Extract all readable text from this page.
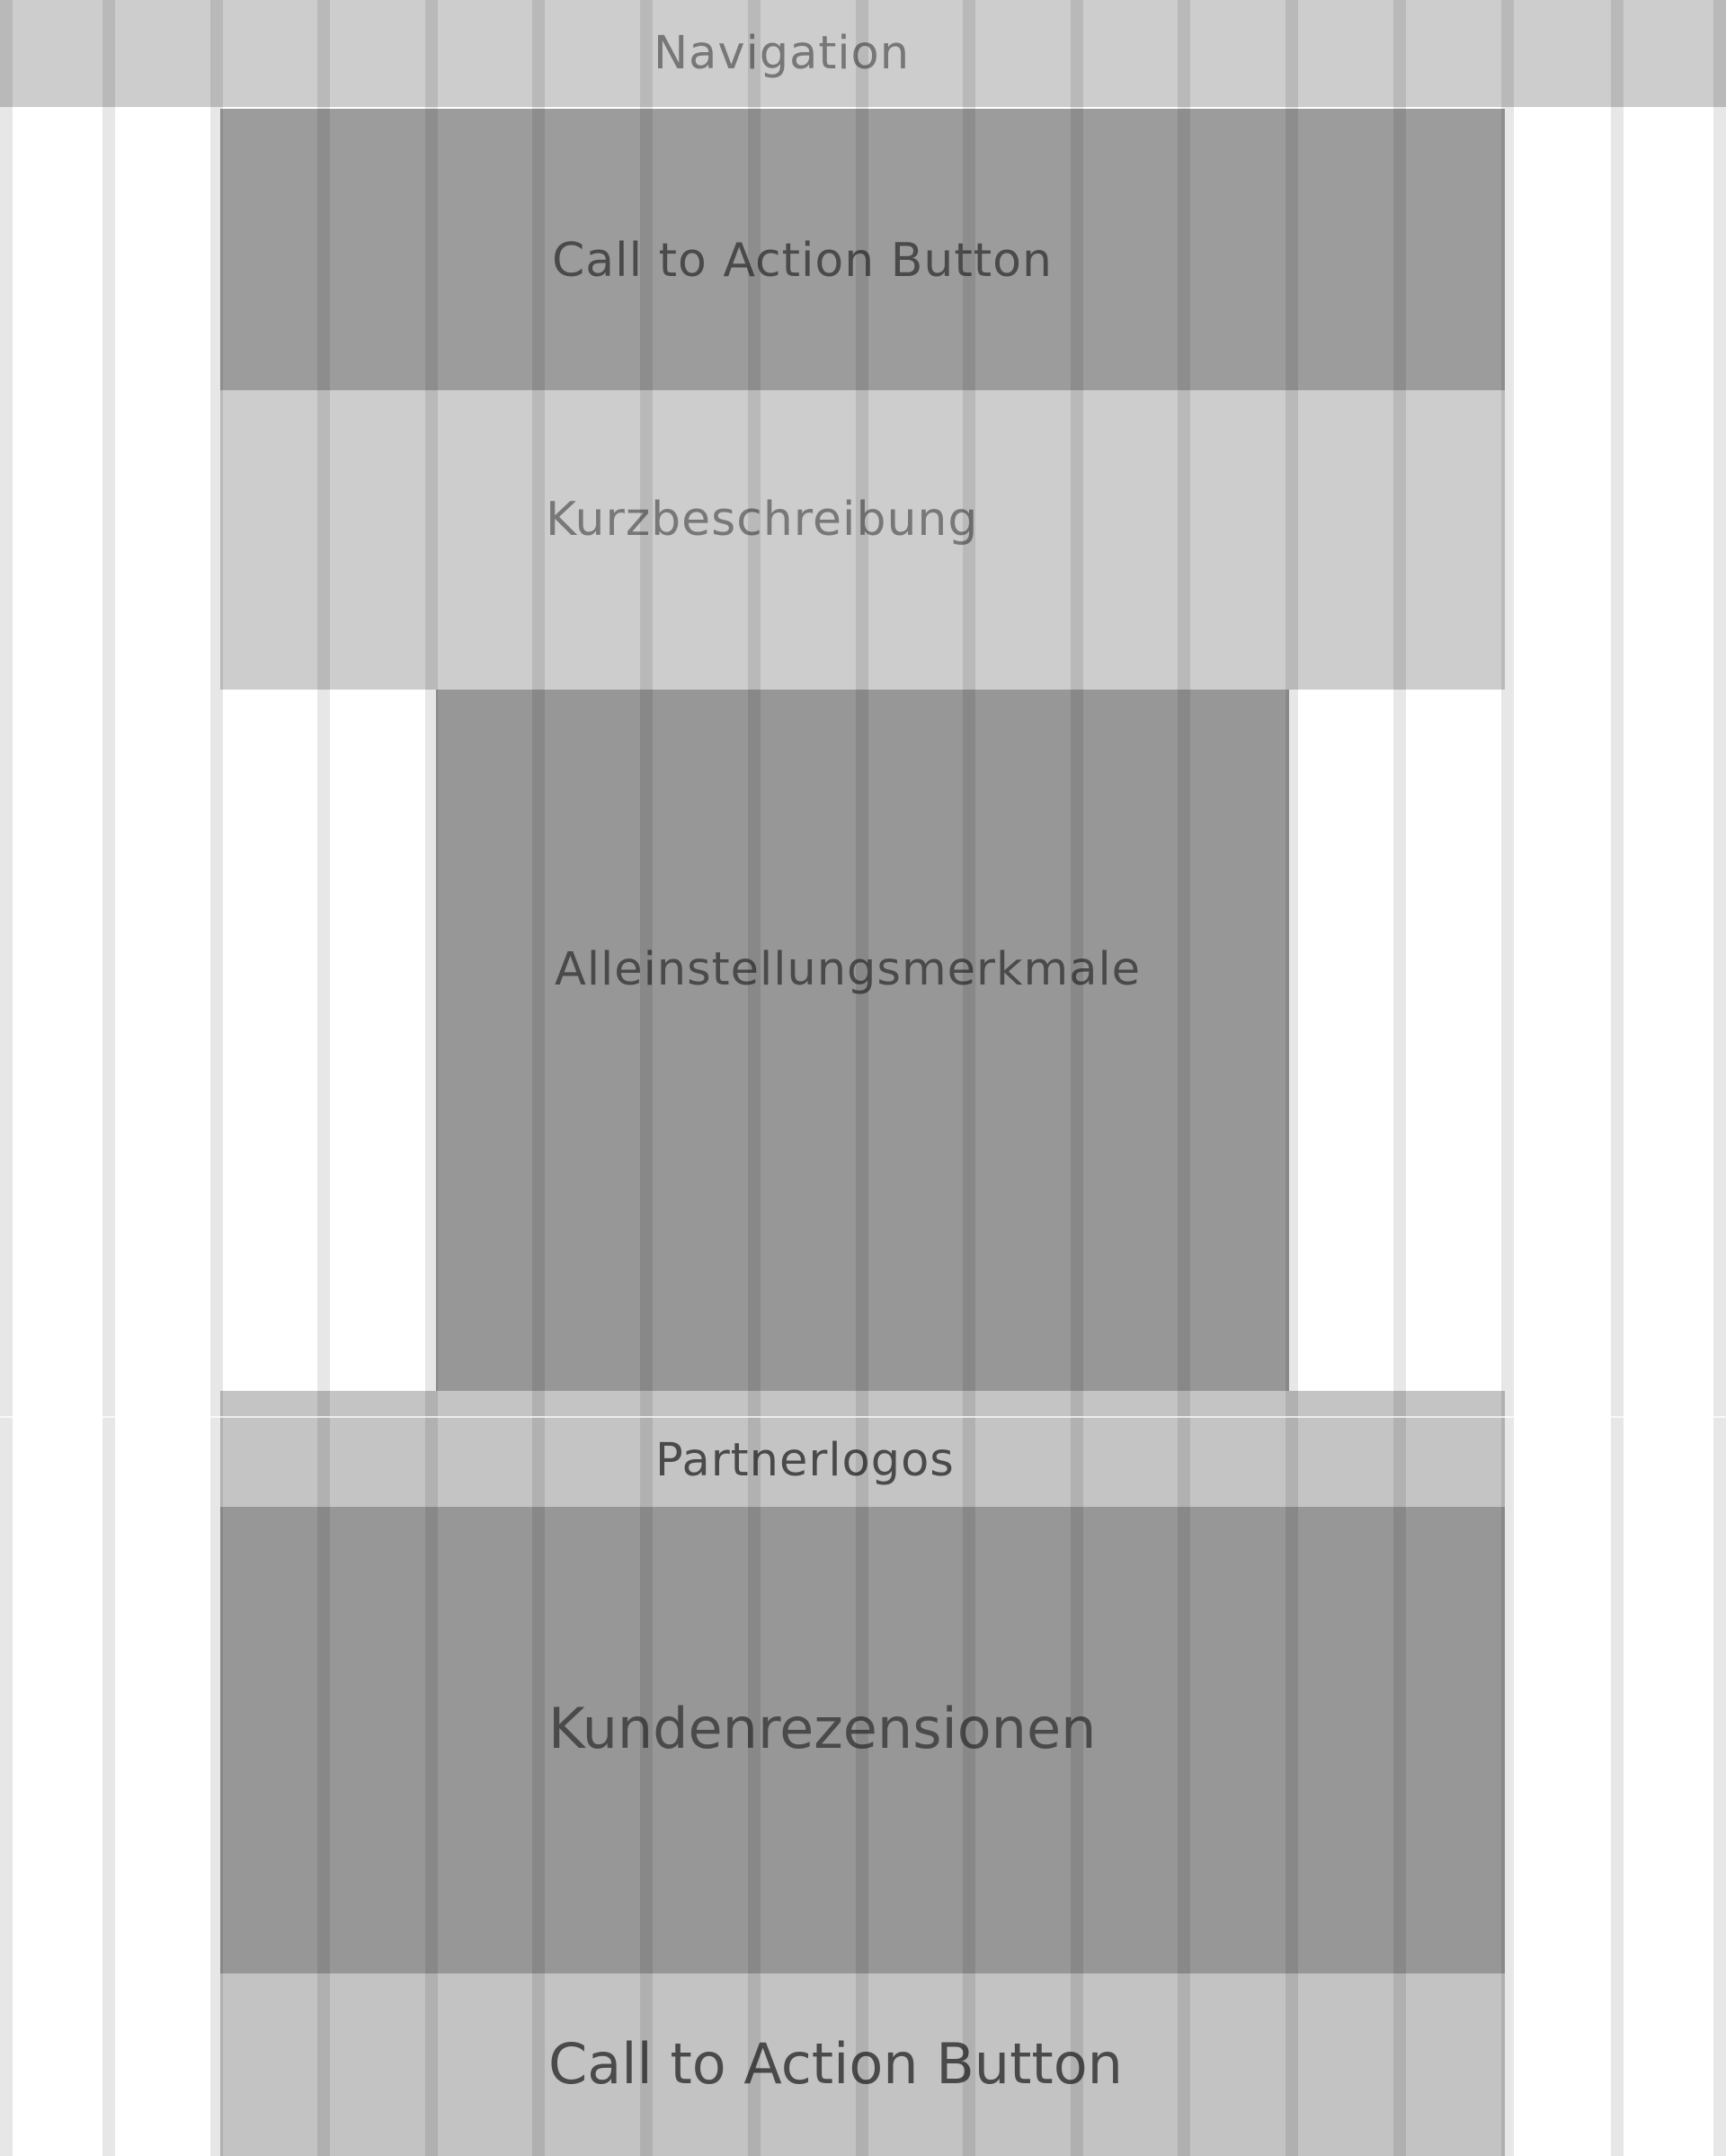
Navigation
Call to Action Button
Kurzbeschreibung
Alleinstellungsmerkmale
Partnerlogos
Kundenrezensionen
Call to Action Button
